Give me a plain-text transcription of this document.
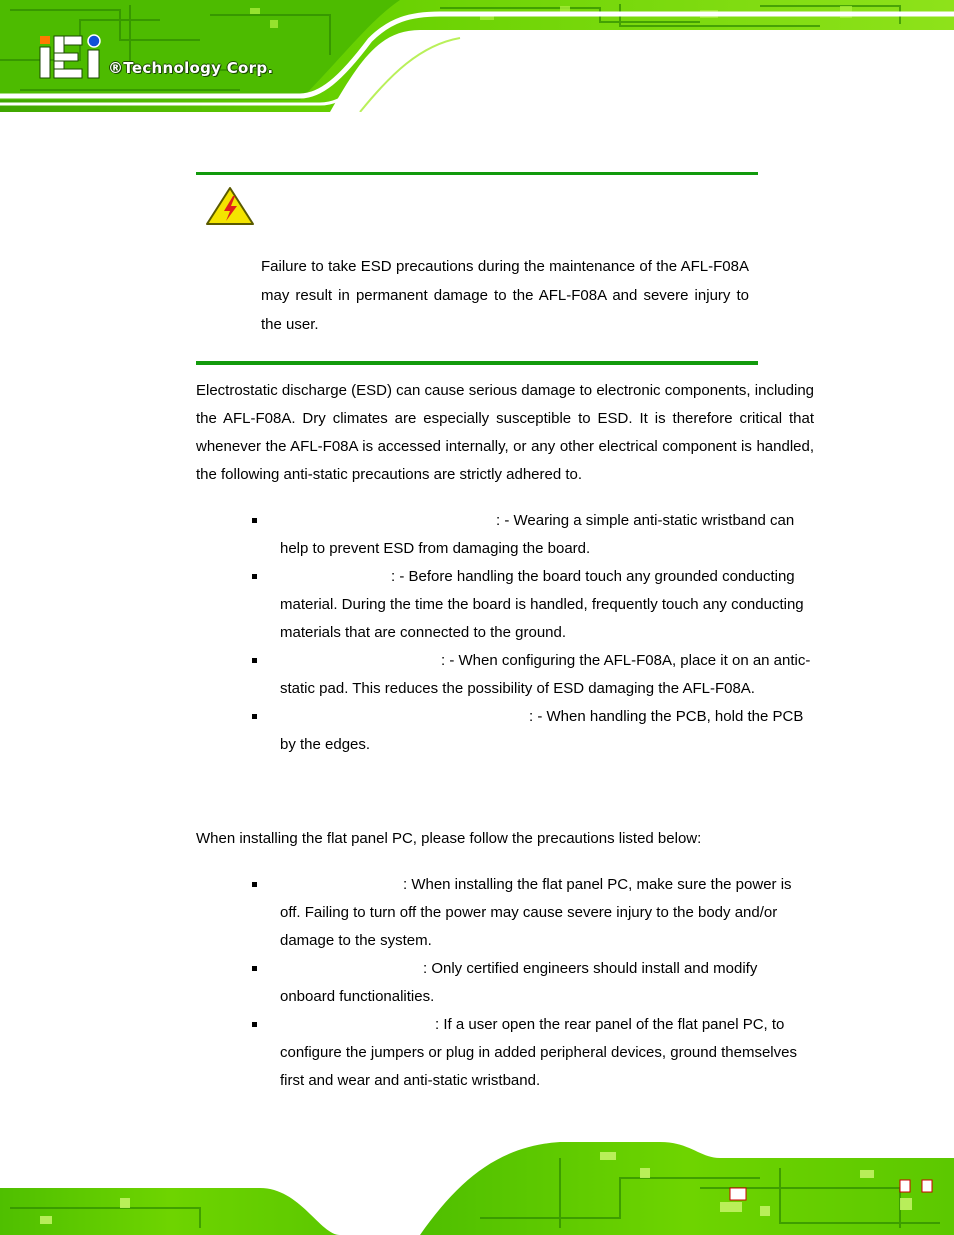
®Technology Corp.

Failure to take ESD precautions during the maintenance of the AFL-F08A may result in permanent damage to the AFL-F08A and severe injury to the user.

Electrostatic discharge (ESD) can cause serious damage to electronic components, including the AFL-F08A. Dry climates are especially susceptible to ESD. It is therefore critical that whenever the AFL-F08A is accessed internally, or any other electrical component is handled, the following anti-static precautions are strictly adhered to.

: - Wearing a simple anti-static wristband can help to prevent ESD from damaging the board.
: - Before handling the board touch any grounded conducting material. During the time the board is handled, frequently touch any conducting materials that are connected to the ground.
: - When configuring the AFL-F08A, place it on an antic-static pad. This reduces the possibility of ESD damaging the AFL-F08A.
: - When handling the PCB, hold the PCB by the edges.

When installing the flat panel PC, please follow the precautions listed below:

: When installing the flat panel PC, make sure the power is off. Failing to turn off the power may cause severe injury to the body and/or damage to the system.
: Only certified engineers should install and modify onboard functionalities.
: If a user open the rear panel of the flat panel PC, to configure the jumpers or plug in added peripheral devices, ground themselves first and wear and anti-static wristband.
